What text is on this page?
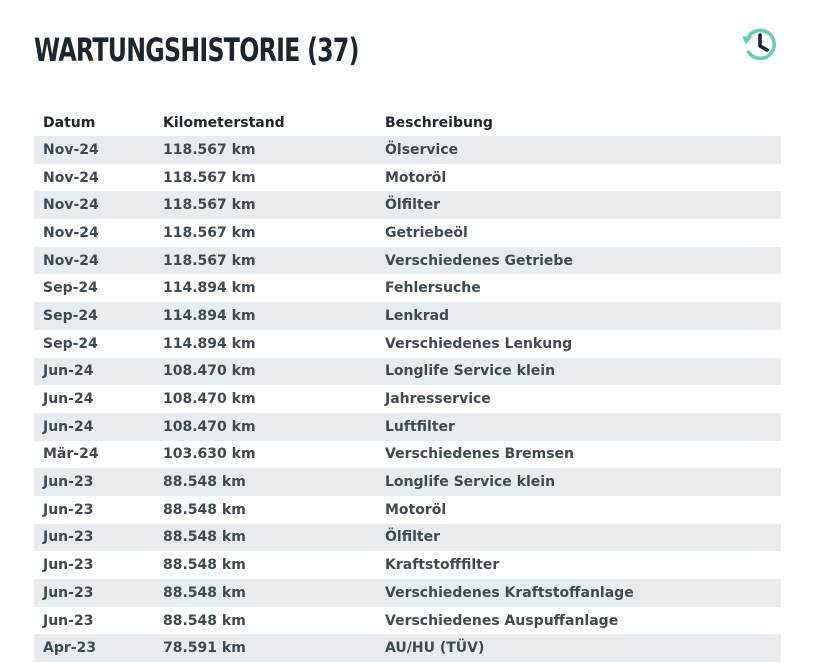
WARTUNGSHISTORIE (37)
Datum	Kilometerstand	Beschreibung
Nov-24	118.567 km	Ölservice
Nov-24	118.567 km	Motoröl
Nov-24	118.567 km	Ölfilter
Nov-24	118.567 km	Getriebeöl
Nov-24	118.567 km	Verschiedenes Getriebe
Sep-24	114.894 km	Fehlersuche
Sep-24	114.894 km	Lenkrad
Sep-24	114.894 km	Verschiedenes Lenkung
Jun-24	108.470 km	Longlife Service klein
Jun-24	108.470 km	Jahresservice
Jun-24	108.470 km	Luftfilter
Mär-24	103.630 km	Verschiedenes Bremsen
Jun-23	88.548 km	Longlife Service klein
Jun-23	88.548 km	Motoröl
Jun-23	88.548 km	Ölfilter
Jun-23	88.548 km	Kraftstofffilter
Jun-23	88.548 km	Verschiedenes Kraftstoffanlage
Jun-23	88.548 km	Verschiedenes Auspuffanlage
Apr-23	78.591 km	AU/HU (TÜV)
